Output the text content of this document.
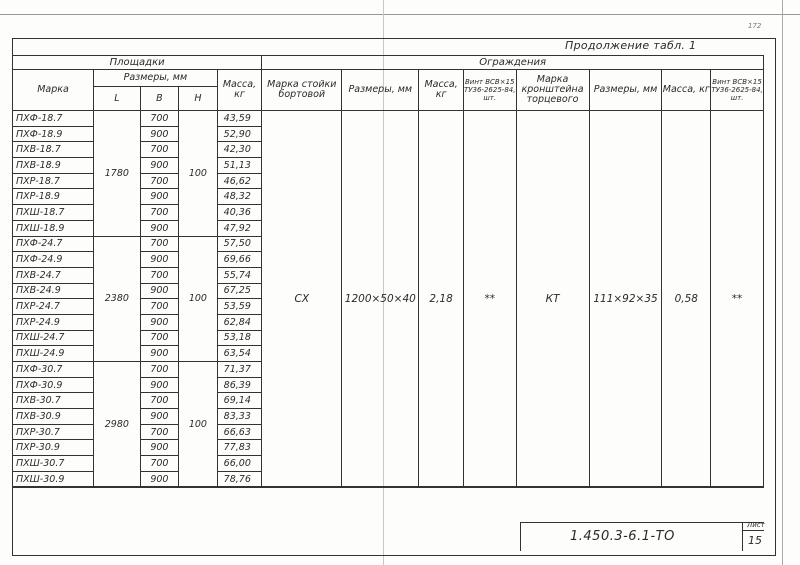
172
Продолжение табл. 1
Площадки					Ограждения							
Марка	Размеры, мм			Масса, кг	Марка стойки бортовой	Размеры, мм	Масса, кг	Винт ВСВ×15 ТУ36-2625-84, шт.	Марка кронштейна торцевого	Размеры, мм	Масса, кг	Винт ВСВ×15 ТУ36-2625-84, шт.
	L	В	Н									
ПХФ-18.7	1780	700	100	43,59	СХ	1200×50×40	2,18	**	КТ	111×92×35	0,58	**
ПХФ-18.9		900		52,90								
ПХВ-18.7		700		42,30								
ПХВ-18.9		900		51,13								
ПХР-18.7		700		46,62								
ПХР-18.9		900		48,32								
ПХШ-18.7		700		40,36								
ПХШ-18.9		900		47,92								
ПХФ-24.7	2380	700	100	57,50								
ПХФ-24.9		900		69,66								
ПХВ-24.7		700		55,74								
ПХВ-24.9		900		67,25								
ПХР-24.7		700		53,59								
ПХР-24.9		900		62,84								
ПХШ-24.7		700		53,18								
ПХШ-24.9		900		63,54								
ПХФ-30.7	2980	700	100	71,37								
ПХФ-30.9		900		86,39								
ПХВ-30.7		700		69,14								
ПХВ-30.9		900		83,33								
ПХР-30.7		700		66,63								
ПХР-30.9		900		77,83								
ПХШ-30.7		700		66,00								
ПХШ-30.9		900		78,76								
1.450.3-6.1-ТО
Лист
15
